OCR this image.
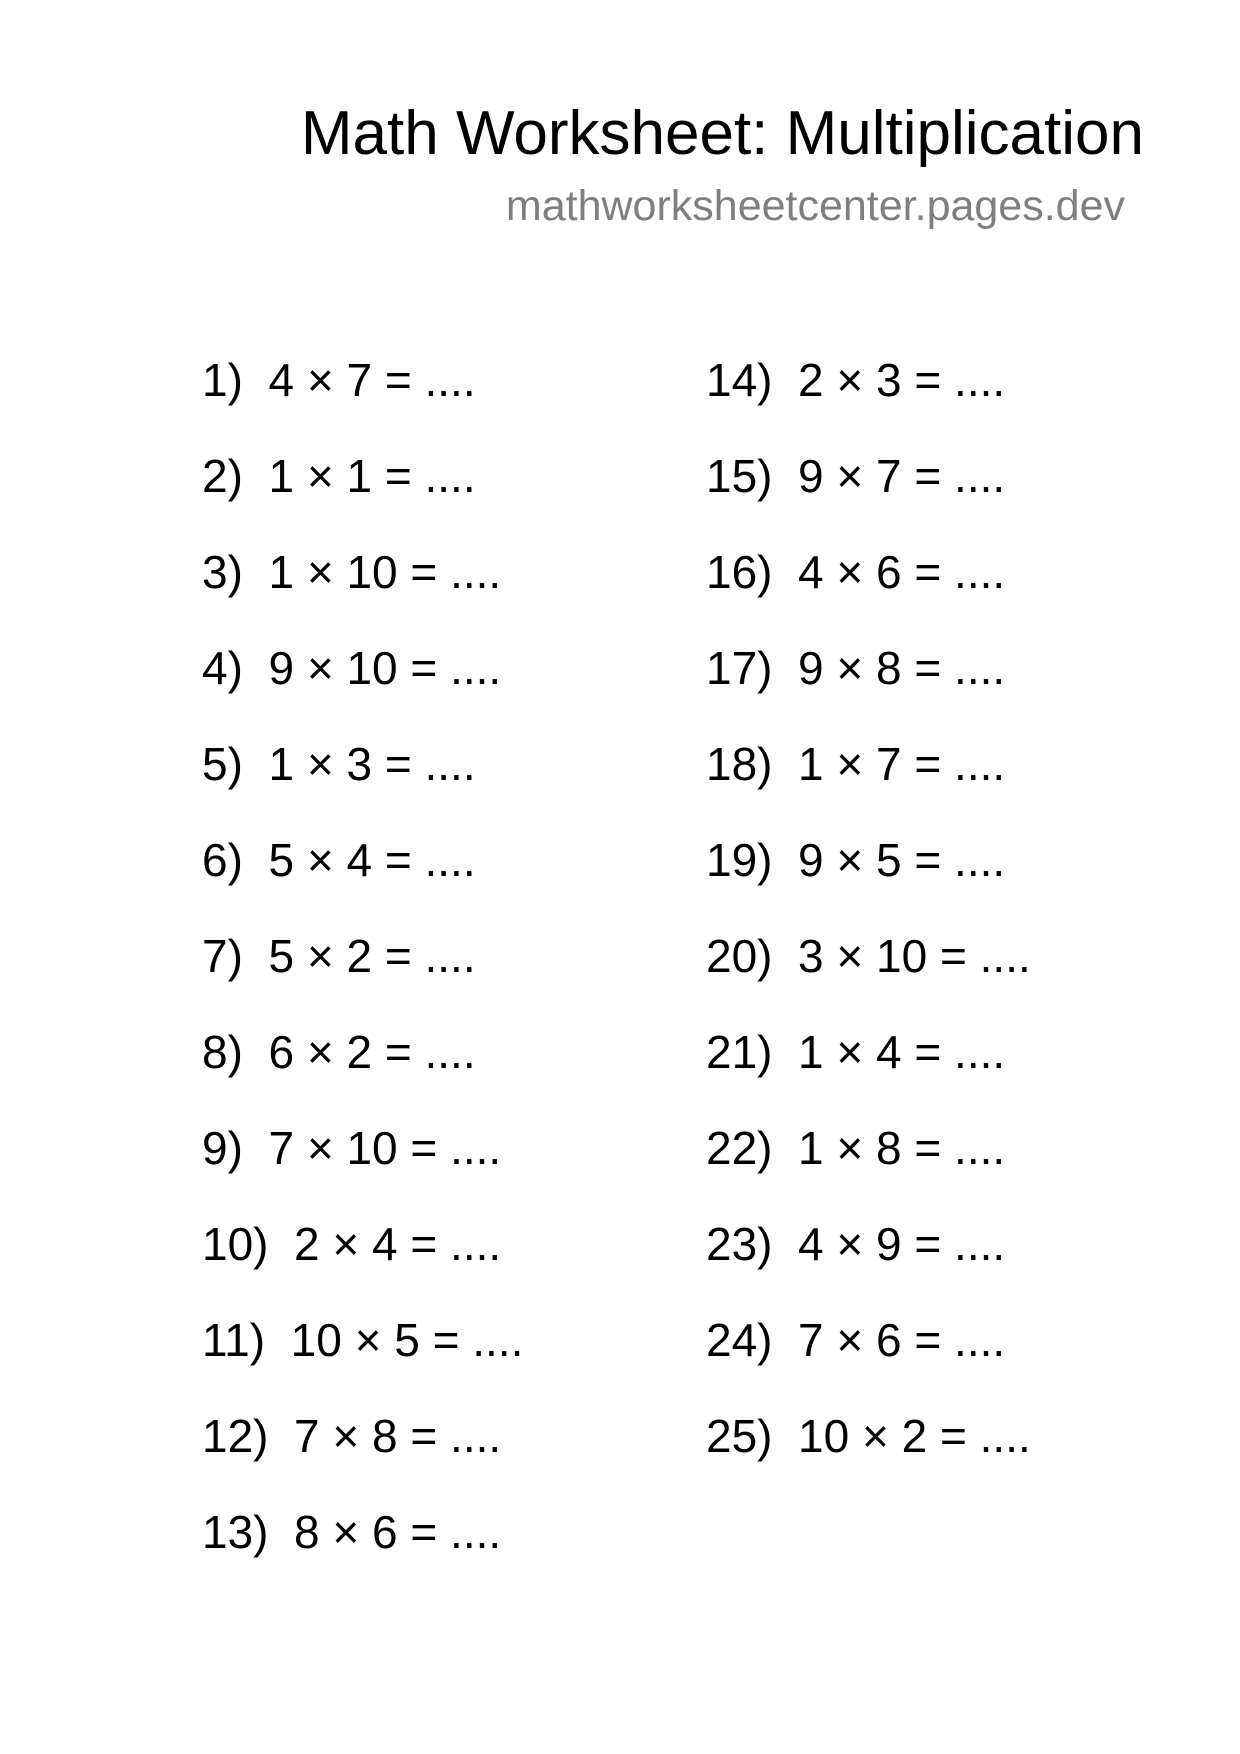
Math Worksheet: Multiplication
mathworksheetcenter.pages.dev
1) 4 × 7 = ....
2) 1 × 1 = ....
3) 1 × 10 = ....
4) 9 × 10 = ....
5) 1 × 3 = ....
6) 5 × 4 = ....
7) 5 × 2 = ....
8) 6 × 2 = ....
9) 7 × 10 = ....
10) 2 × 4 = ....
11) 10 × 5 = ....
12) 7 × 8 = ....
13) 8 × 6 = ....
14) 2 × 3 = ....
15) 9 × 7 = ....
16) 4 × 6 = ....
17) 9 × 8 = ....
18) 1 × 7 = ....
19) 9 × 5 = ....
20) 3 × 10 = ....
21) 1 × 4 = ....
22) 1 × 8 = ....
23) 4 × 9 = ....
24) 7 × 6 = ....
25) 10 × 2 = ....
